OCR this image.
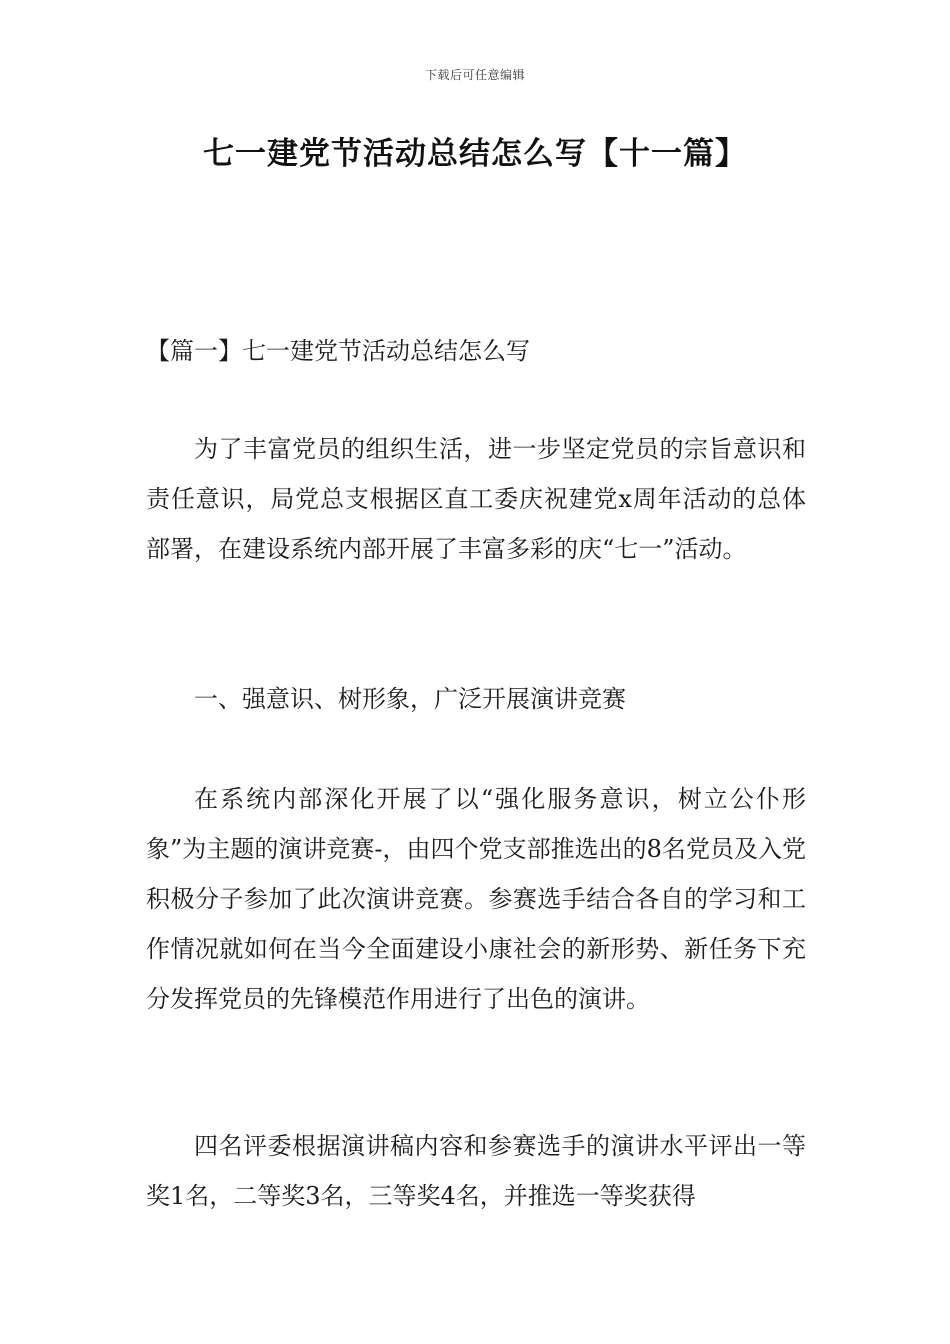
下载后可任意编辑
七一建党节活动总结怎么写【十一篇】
【篇一】七一建党节活动总结怎么写
为了丰富党员的组织生活，进一步坚定党员的宗旨意识和责任意识，局党总支根据区直工委庆祝建党x周年活动的总体部署，在建设系统内部开展了丰富多彩的庆“七一”活动。
一、强意识、树形象，广泛开展演讲竞赛
在系统内部深化开展了以“强化服务意识，树立公仆形象”为主题的演讲竞赛-，由四个党支部推选出的8名党员及入党积极分子参加了此次演讲竞赛。参赛选手结合各自的学习和工作情况就如何在当今全面建设小康社会的新形势、新任务下充分发挥党员的先锋模范作用进行了出色的演讲。
四名评委根据演讲稿内容和参赛选手的演讲水平评出一等奖1名，二等奖3名，三等奖4名，并推选一等奖获得
